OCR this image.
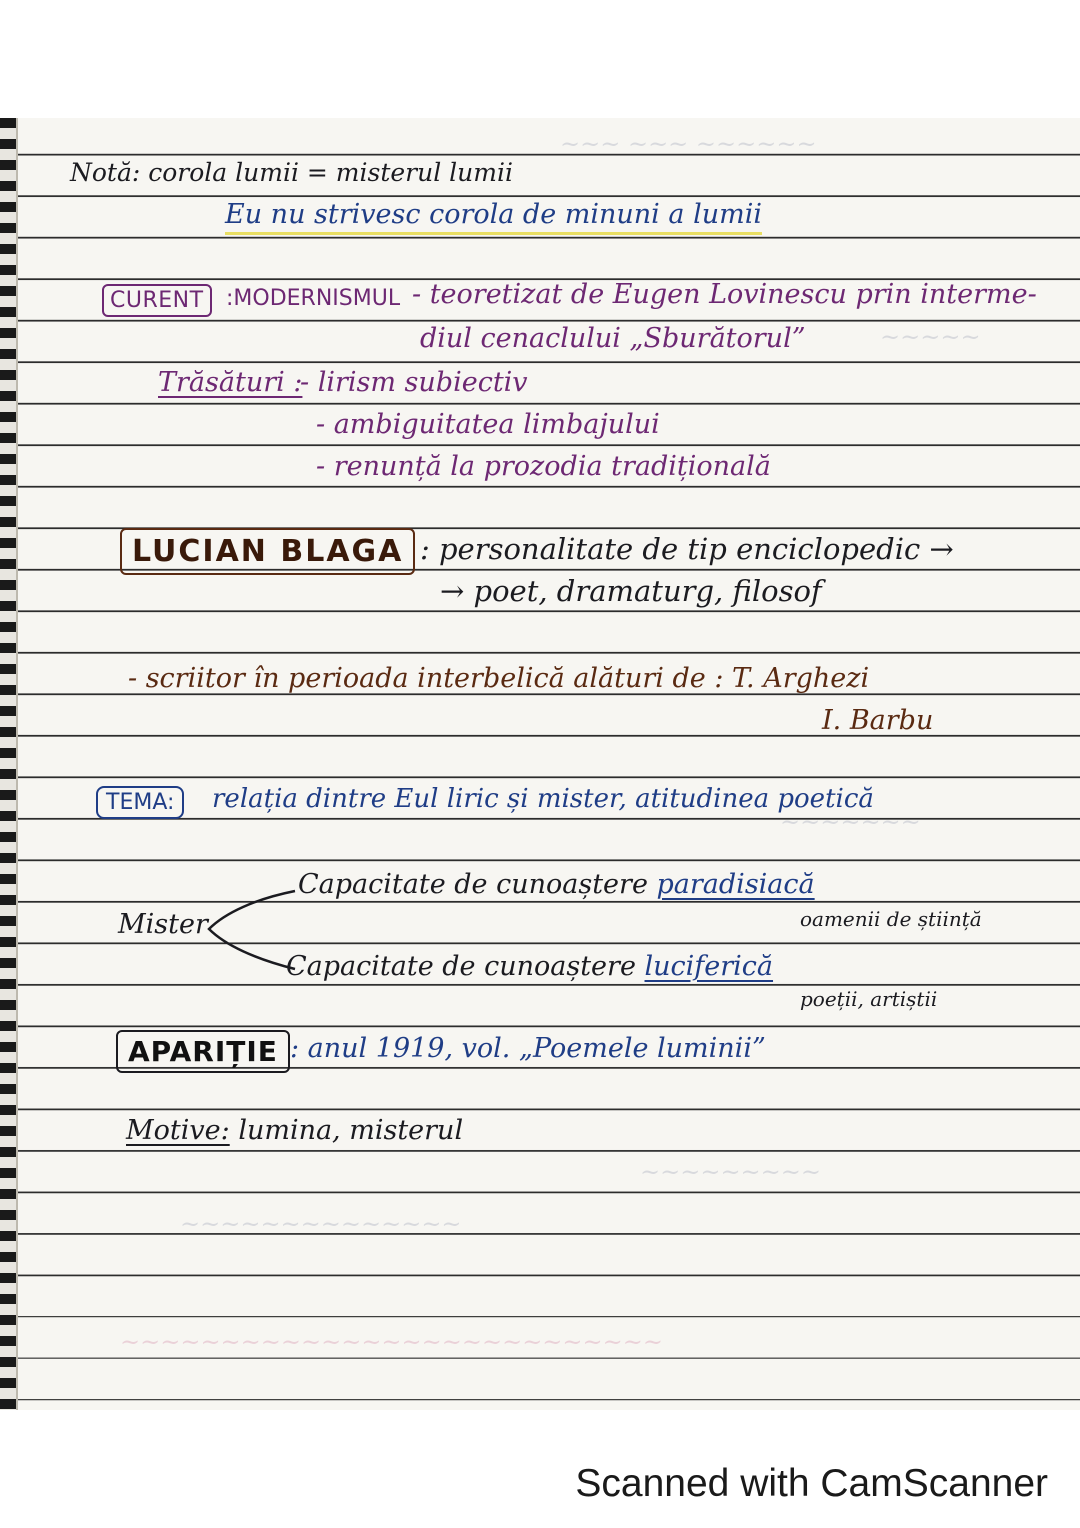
~~~ ~~~ ~~~~~~
~~~~~
~~~~~~~
~~~~~~~~~
~~~~~~~~~~~~~~
~~~~~~~~~~~~~~~~~~~~~~~~~~~
Notă: corola lumii = misterul lumii
Eu nu strivesc corola de minuni a lumii
CURENT	:MODERNISMUL - teoretizat de Eugen Lovinescu prin interme-
diul cenaclului „Sburătorul”
Trăsături :
- lirism subiectiv
- ambiguitatea limbajului
- renunță la prozodia tradițională
LUCIAN BLAGA : personalitate de tip enciclopedic →
→ poet, dramaturg, filosof
- scriitor în perioada interbelică alături de : T. Arghezi
I. Barbu
TEMA:	relația dintre Eul liric și mister, atitudinea poetică
Mister
Capacitate de cunoaștere paradisiacă
oamenii de știință
Capacitate de cunoaștere luciferică
poeții, artiștii
APARIȚIE : anul 1919, vol. „Poemele luminii”
Motive: lumina, misterul
Scanned with CamScanner
